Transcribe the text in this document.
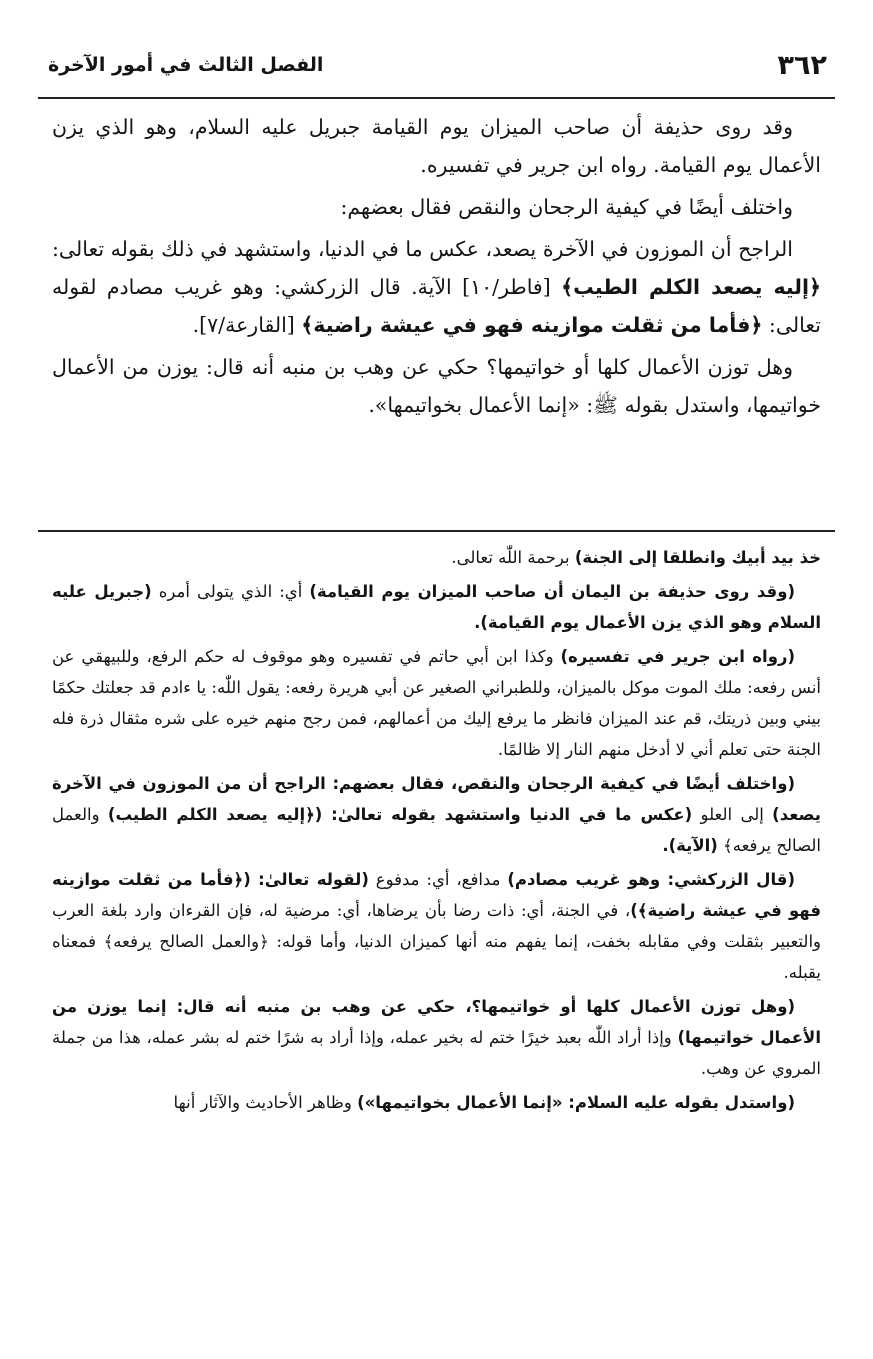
٣٦٢
الفصل الثالث في أمور الآخرة

وقد روى حذيفة أن صاحب الميزان يوم القيامة جبريل عليه السلام، وهو الذي يزن الأعمال يوم القيامة. رواه ابن جرير في تفسيره.

واختلف أيضًا في كيفية الرجحان والنقص فقال بعضهم:

الراجح أن الموزون في الآخرة يصعد، عكس ما في الدنيا، واستشهد في ذلك بقوله تعالى: ﴿إليه يصعد الكلم الطيب﴾ [فاطر/١٠] الآية. قال الزركشي: وهو غريب مصادم لقوله تعالى: ﴿فأما من ثقلت موازينه فهو في عيشة راضية﴾ [القارعة/٧].

وهل توزن الأعمال كلها أو خواتيمها؟ حكي عن وهب بن منبه أنه قال: يوزن من الأعمال خواتيمها، واستدل بقوله ﷺ: «إنما الأعمال بخواتيمها».

خذ بيد أبيك وانطلقا إلى الجنة) برحمة اللّٰه تعالى.

(وقد روى حذيفة بن اليمان أن صاحب الميزان يوم القيامة) أي: الذي يتولى أمره (جبريل عليه السلام وهو الذي يزن الأعمال يوم القيامة).

(رواه ابن جرير في تفسيره) وكذا ابن أبي حاتم في تفسيره وهو موقوف له حكم الرفع، وللبيهقي عن أنس رفعه: ملك الموت موكل بالميزان، وللطبراني الصغير عن أبي هريرة رفعه: يقول اللّٰه: يا ءادم قد جعلتك حكمًا بيني وبين ذريتك، قم عند الميزان فانظر ما يرفع إليك من أعمالهم، فمن رجح منهم خيره على شره مثقال ذرة فله الجنة حتى تعلم أني لا أدخل منهم النار إلا ظالمًا.

(واختلف أيضًا في كيفية الرجحان والنقص، فقال بعضهم: الراجح أن من الموزون في الآخرة يصعد) إلى العلو (عكس ما في الدنيا واستشهد بقوله تعالىٰ: (﴿إليه يصعد الكلم الطيب) والعمل الصالح يرفعه﴾ (الآية).

(قال الزركشي: وهو غريب مصادم) مدافع، أي: مدفوع (لقوله تعالىٰ: (﴿فأما من ثقلت موازينه فهو في عيشة راضية﴾)، في الجنة، أي: ذات رضا بأن يرضاها، أي: مرضية له، فإن القرءان وارد بلغة العرب والتعبير بثقلت وفي مقابله بخفت، إنما يفهم منه أنها كميزان الدنيا، وأما قوله: ﴿والعمل الصالح يرفعه﴾ فمعناه يقبله.

(وهل توزن الأعمال كلها أو خواتيمها؟، حكي عن وهب بن منبه أنه قال: إنما يوزن من الأعمال خواتيمها) وإذا أراد اللّٰه بعبد خيرًا ختم له بخير عمله، وإذا أراد به شرًا ختم له بشر عمله، هذا من جملة المروي عن وهب.

(واستدل بقوله عليه السلام: «إنما الأعمال بخواتيمها») وظاهر الأحاديث والآثار أنها
